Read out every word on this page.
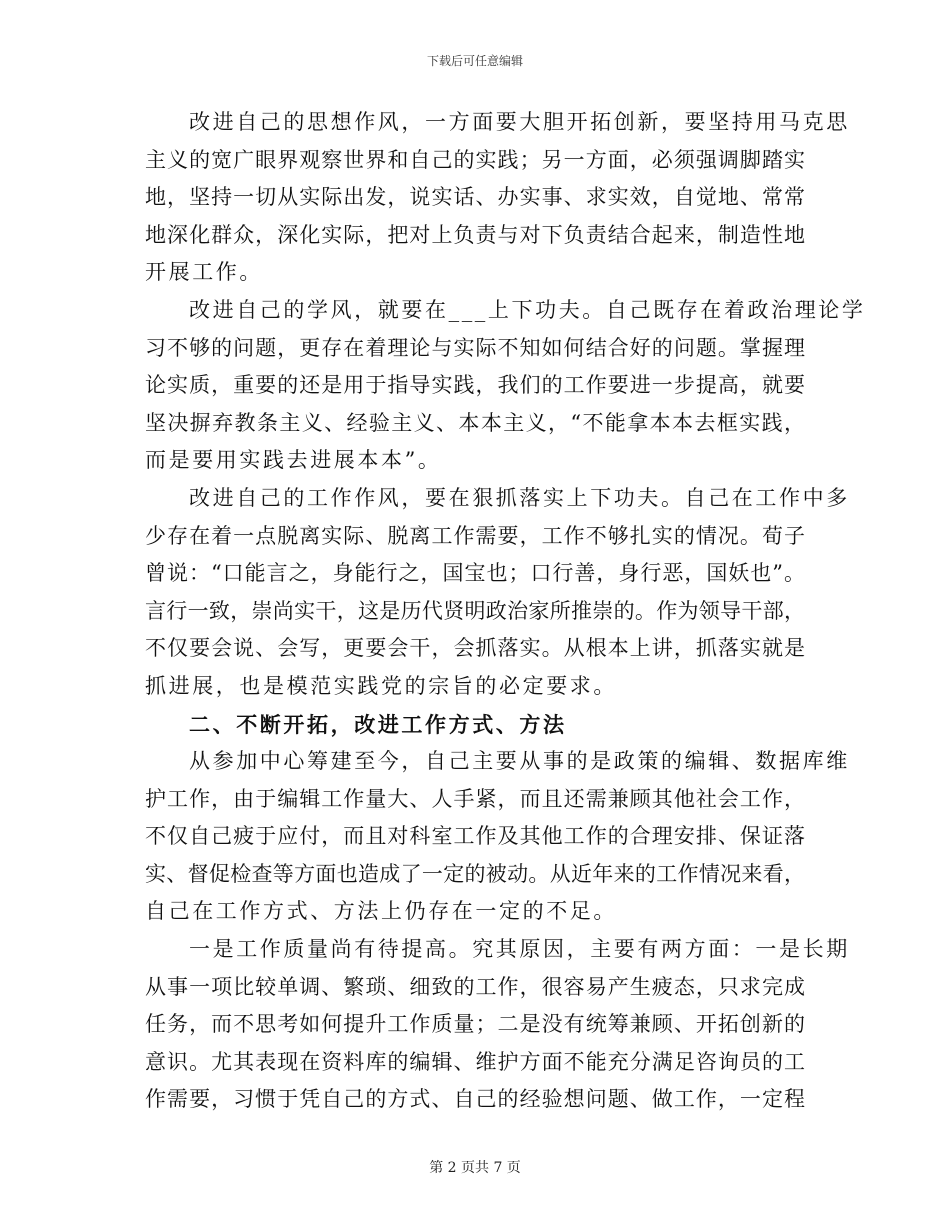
下载后可任意编辑
改进自己的思想作风，一方面要大胆开拓创新，要坚持用马克思
主义的宽广眼界观察世界和自己的实践；另一方面，必须强调脚踏实
地，坚持一切从实际出发，说实话、办实事、求实效，自觉地、常常
地深化群众，深化实际，把对上负责与对下负责结合起来，制造性地
开展工作。
改进自己的学风，就要在___上下功夫。自己既存在着政治理论学
习不够的问题，更存在着理论与实际不知如何结合好的问题。掌握理
论实质，重要的还是用于指导实践，我们的工作要进一步提高，就要
坚决摒弃教条主义、经验主义、本本主义，“不能拿本本去框实践，
而是要用实践去进展本本”。
改进自己的工作作风，要在狠抓落实上下功夫。自己在工作中多
少存在着一点脱离实际、脱离工作需要，工作不够扎实的情况。荀子
曾说：“口能言之，身能行之，国宝也；口行善，身行恶，国妖也”。
言行一致，崇尚实干，这是历代贤明政治家所推崇的。作为领导干部，
不仅要会说、会写，更要会干，会抓落实。从根本上讲，抓落实就是
抓进展，也是模范实践党的宗旨的必定要求。
二、不断开拓，改进工作方式、方法
从参加中心筹建至今，自己主要从事的是政策的编辑、数据库维
护工作，由于编辑工作量大、人手紧，而且还需兼顾其他社会工作，
不仅自己疲于应付，而且对科室工作及其他工作的合理安排、保证落
实、督促检查等方面也造成了一定的被动。从近年来的工作情况来看，
自己在工作方式、方法上仍存在一定的不足。
一是工作质量尚有待提高。究其原因，主要有两方面：一是长期
从事一项比较单调、繁琐、细致的工作，很容易产生疲态，只求完成
任务，而不思考如何提升工作质量；二是没有统筹兼顾、开拓创新的
意识。尤其表现在资料库的编辑、维护方面不能充分满足咨询员的工
作需要，习惯于凭自己的方式、自己的经验想问题、做工作，一定程
第 2 页共 7 页
